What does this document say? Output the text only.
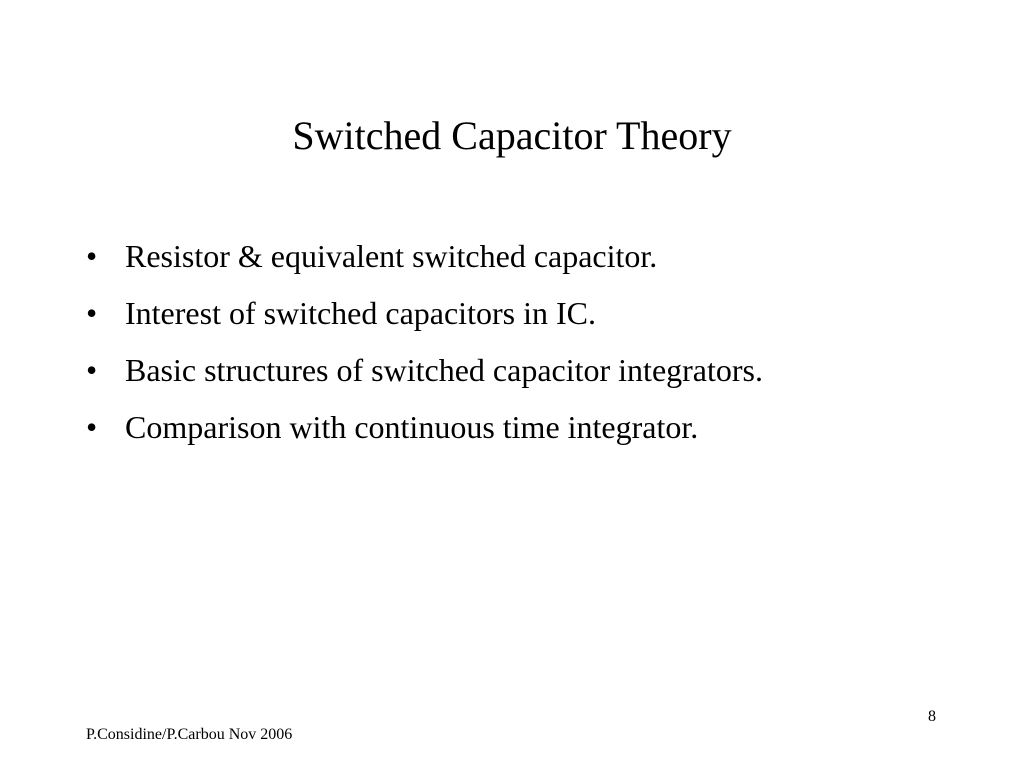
Switched Capacitor Theory
• Resistor & equivalent switched capacitor.
• Interest of switched capacitors in IC.
• Basic structures of switched capacitor integrators.
• Comparison with continuous time integrator.
8
P.Considine/P.Carbou Nov 2006
